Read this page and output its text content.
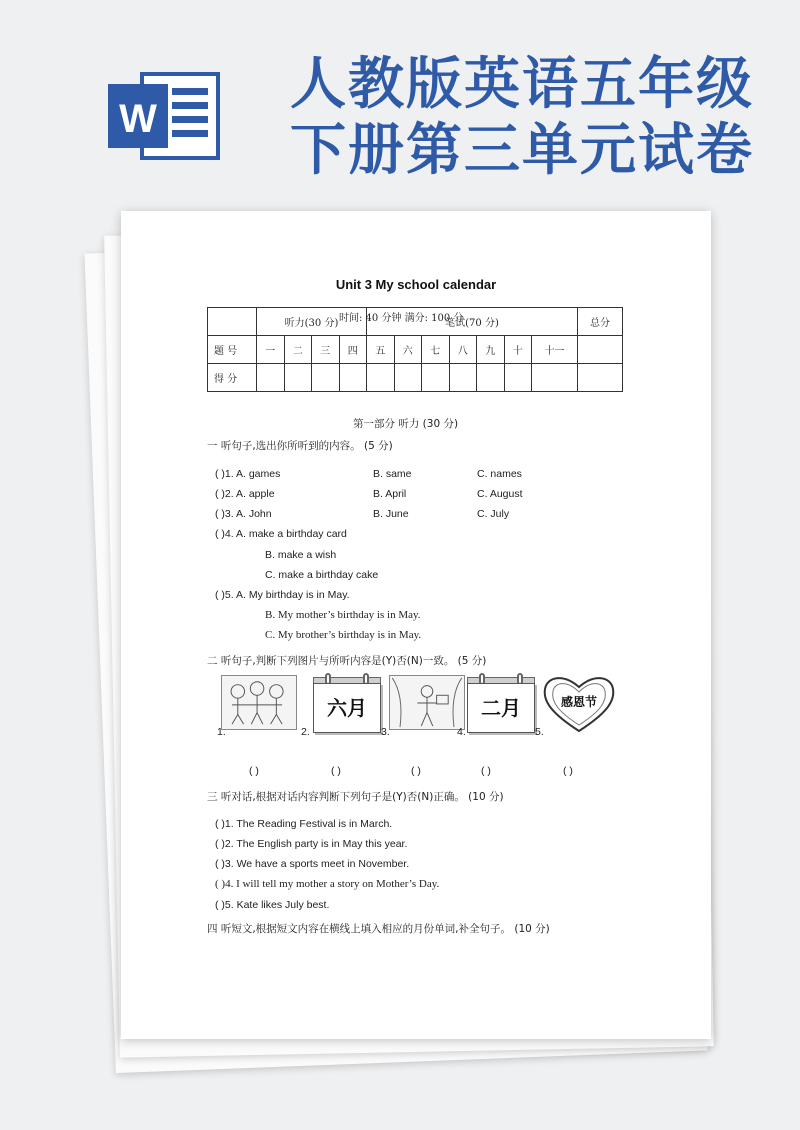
W
人教版英语五年级
下册第三单元试卷
Unit 3 My school calendar
	听力(30 分)				笔试(70 分)							总分
题 号	一	二	三	四	五	六	七	八	九	十	十一	
得 分												
时间: 40 分钟 满分: 100 分
第一部分 听力 (30 分)
一 听句子,选出你所听到的内容。 (5 分)
( )1. A. games	B. same	C. names
( )2. A. apple	B. April	C. August
( )3. A. John	B. June	C. July
( )4. A. make a birthday card
B. make a wish
C. make a birthday cake
( )5. A. My birthday is in May.
B. My mother’s birthday is in May.
C. My brother’s birthday is in May.
二 听句子,判断下列图片与所听内容是(Y)否(N)一致。 (5 分)
1.
六月
2.	3.
二月
4.
感恩节
5.
( )	( )	( )	( )	( )
三 听对话,根据对话内容判断下列句子是(Y)否(N)正确。 (10 分)
( )1. The Reading Festival is in March.
( )2. The English party is in May this year.
( )3. We have a sports meet in November.
( )4. I will tell my mother a story on Mother’s Day.
( )5. Kate likes July best.
四 听短文,根据短文内容在横线上填入相应的月份单词,补全句子。 (10 分)
